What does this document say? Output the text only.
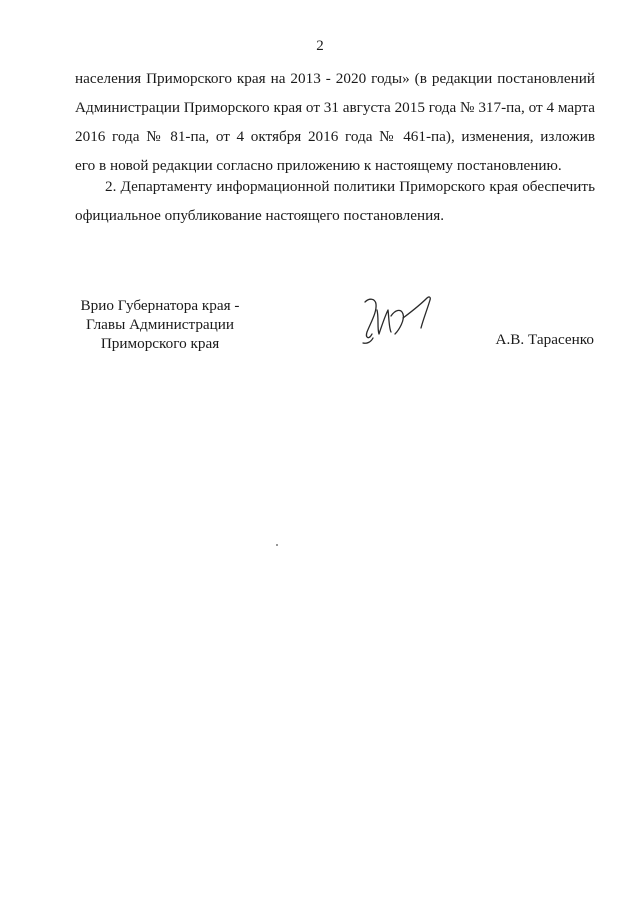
2
населения Приморского края на 2013 - 2020 годы» (в редакции постановлений
Администрации Приморского края от 31 августа 2015 года № 317-па, от 4 марта
2016 года № 81-па, от 4 октября 2016 года № 461-па), изменения, изложив
его в новой редакции согласно приложению к настоящему постановлению.
2. Департаменту информационной политики Приморского края обеспечить
официальное опубликование настоящего постановления.
Врио Губернатора края -
Главы Администрации
Приморского края	А.В. Тарасенко
